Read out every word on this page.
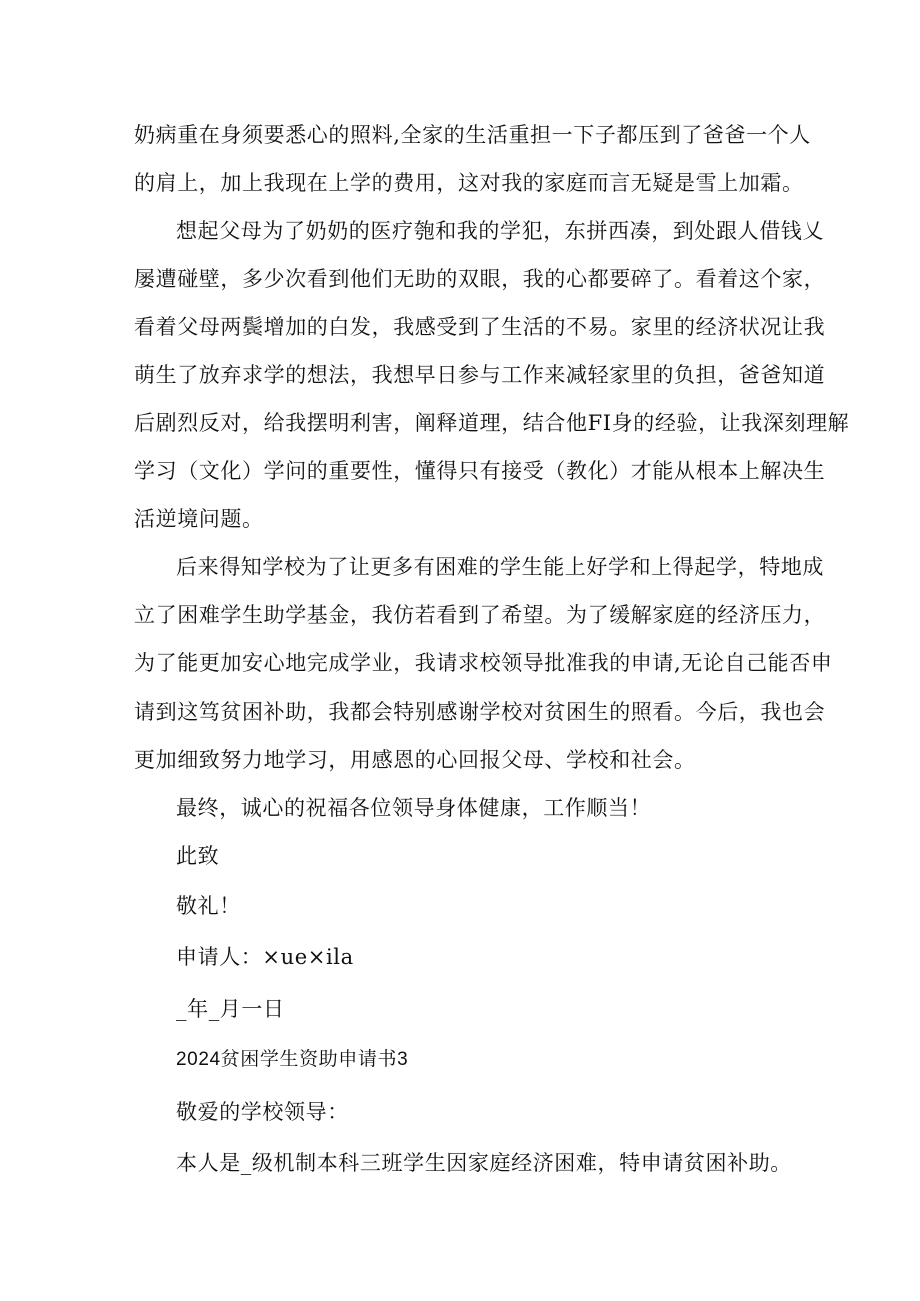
奶病重在身须要悉心的照料,全家的生活重担一下子都压到了爸爸一个人
的肩上，加上我现在上学的费用，这对我的家庭而言无疑是雪上加霜。
想起父母为了奶奶的医疗匏和我的学犯，东拼西凑，到处跟人借钱乂
屡遭碰壁，多少次看到他们无助的双眼，我的心都要碎了。看着这个家，
看着父母两鬓增加的白发，我感受到了生活的不易。家里的经济状况让我
萌生了放弃求学的想法，我想早日参与工作来减轻家里的负担，爸爸知道
后剧烈反对，给我摆明利害，阐释道理，结合他FI身的经验，让我深刻理解
学习（文化）学问的重要性，懂得只有接受（教化）才能从根本上解决生
活逆境问题。
后来得知学校为了让更多有困难的学生能上好学和上得起学，特地成
立了困难学生助学基金，我仿若看到了希望。为了缓解家庭的经济压力，
为了能更加安心地完成学业，我请求校领导批准我的申请,无论自己能否申
请到这笃贫困补助，我都会特别感谢学校对贫困生的照看。今后，我也会
更加细致努力地学习，用感恩的心回报父母、学校和社会。
最终，诚心的祝福各位领导身体健康，工作顺当！
此致
敬礼！
申请人：×ue×ila
_年_月一日
2024贫困学生资助申请书3
敬爱的学校领导：
本人是_级机制本科三班学生因家庭经济困难，特申请贫困补助。
